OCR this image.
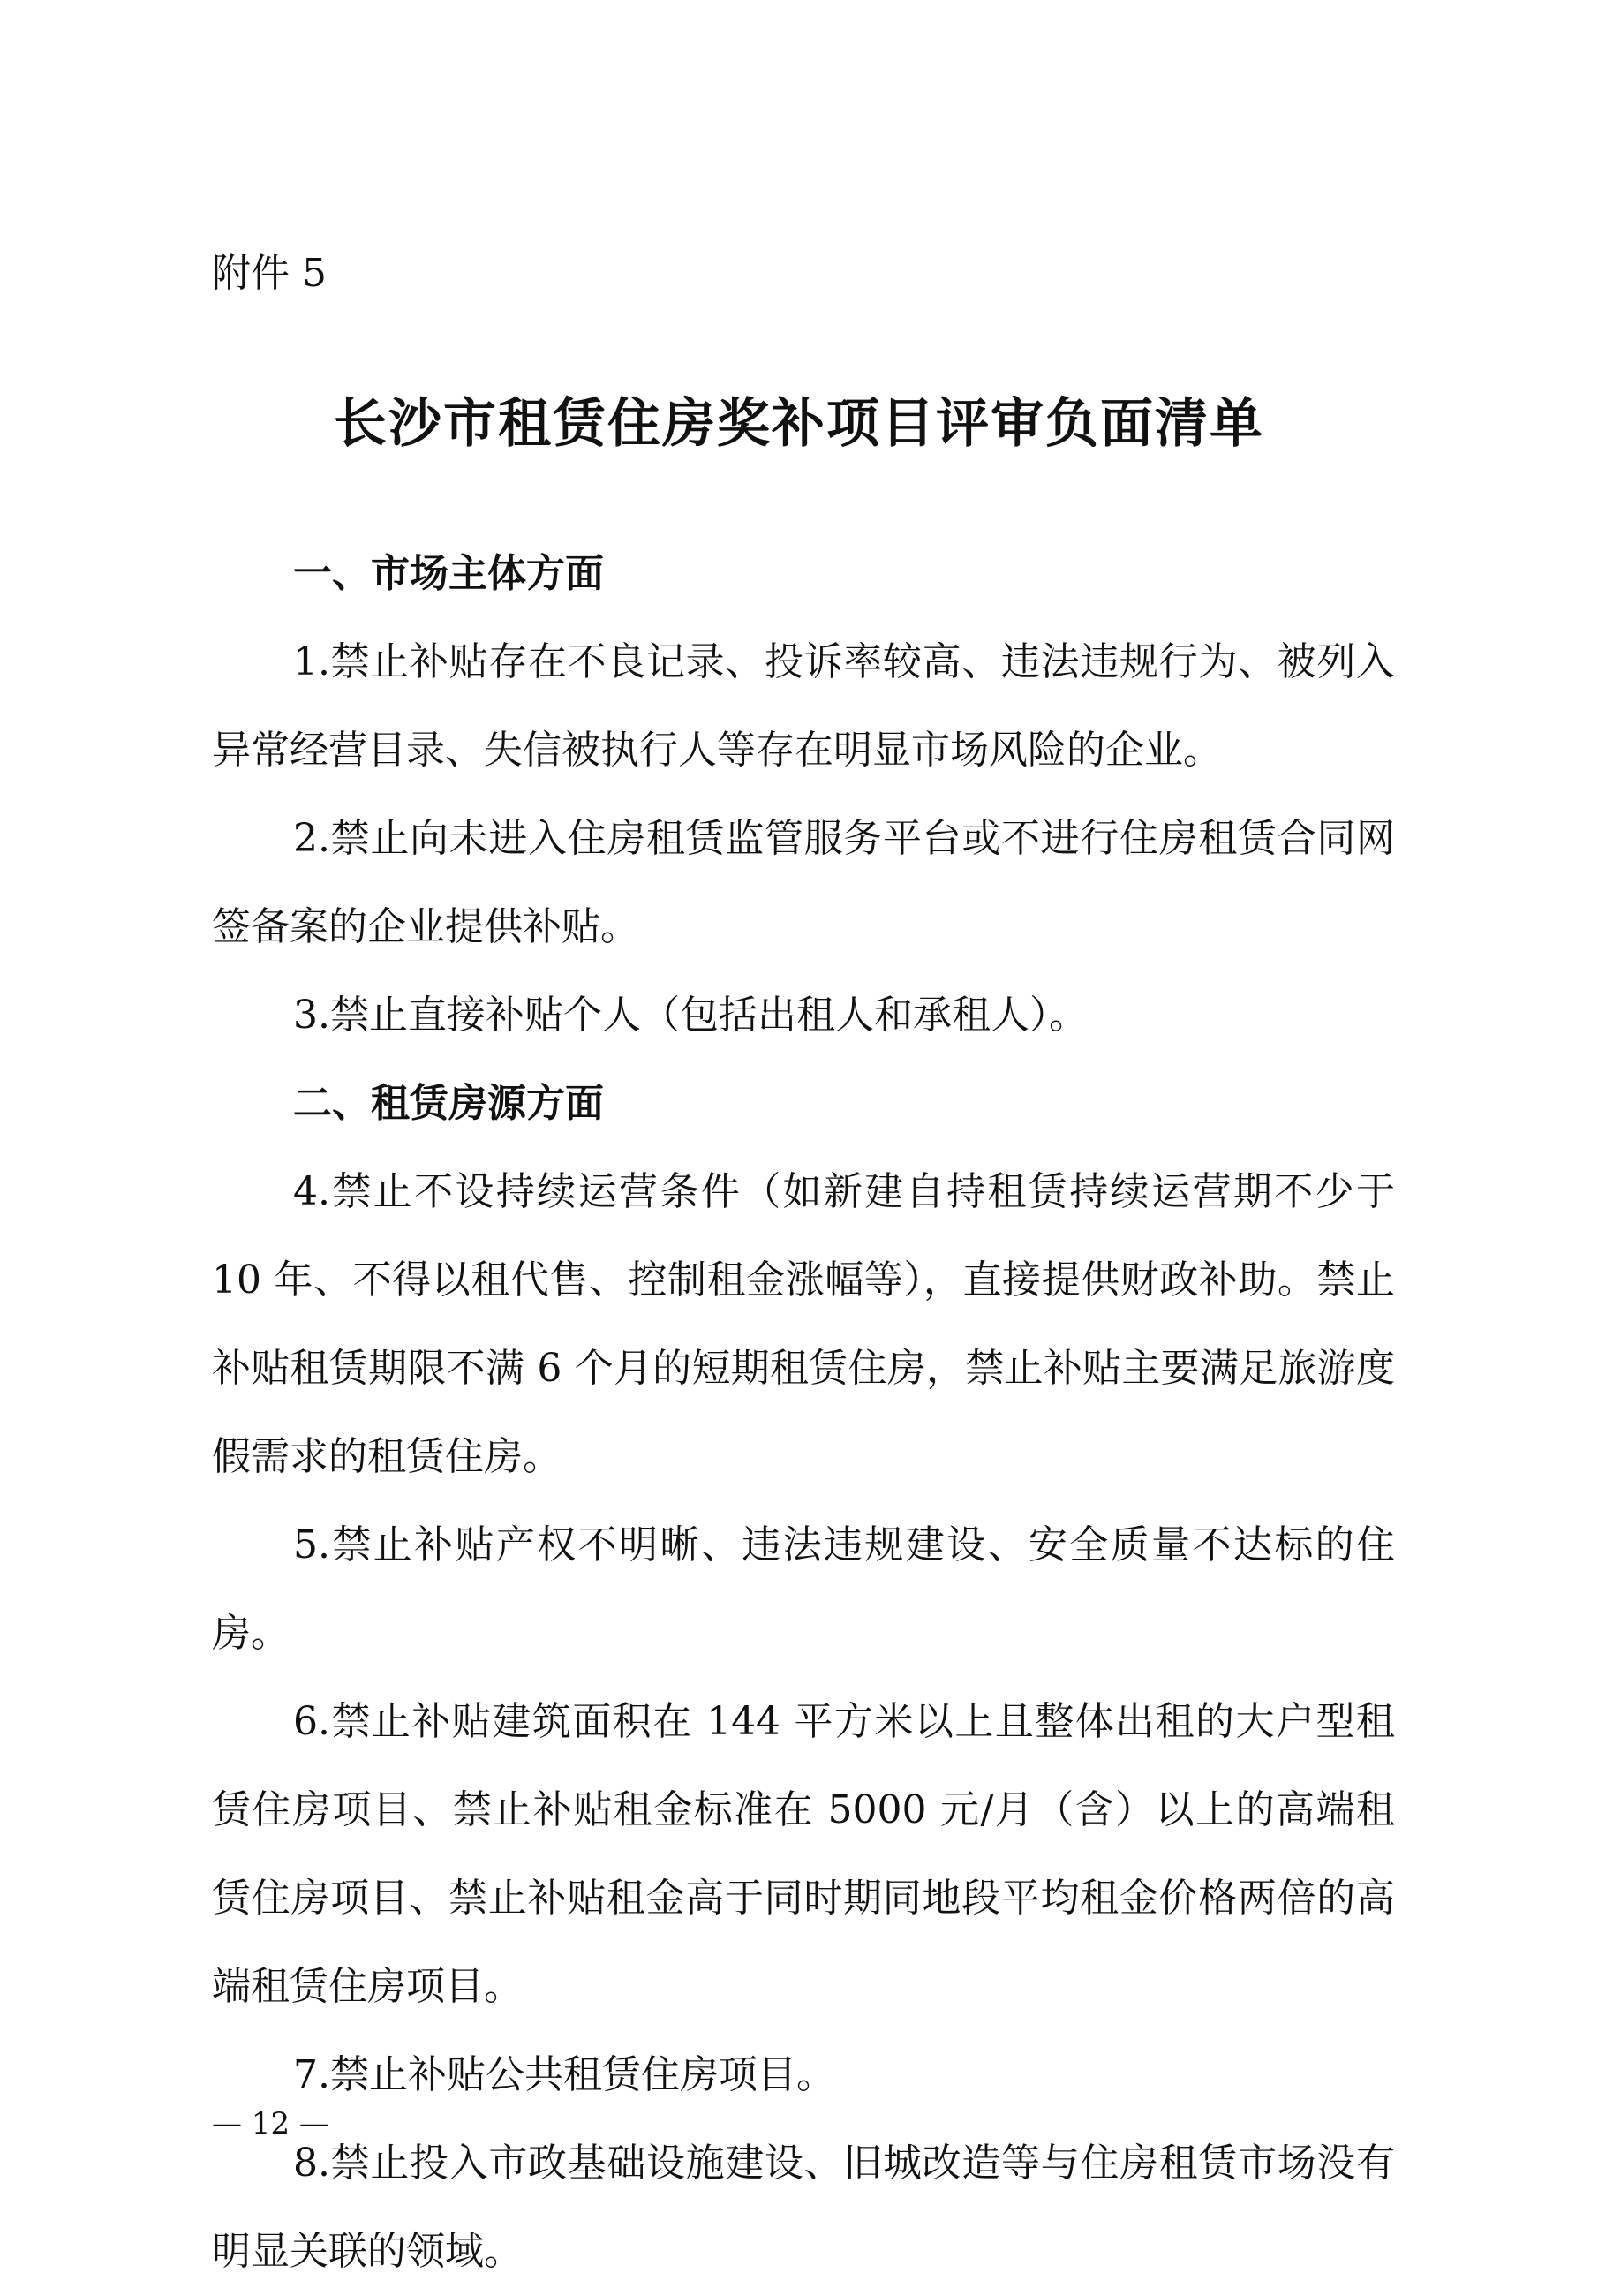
附件 5

长沙市租赁住房奖补项目评审负面清单

一、市场主体方面

1.禁止补贴存在不良记录、投诉率较高、违法违规行为、被列入异常经营目录、失信被执行人等存在明显市场风险的企业。

2.禁止向未进入住房租赁监管服务平台或不进行住房租赁合同网签备案的企业提供补贴。

3.禁止直接补贴个人（包括出租人和承租人）。

二、租赁房源方面

4.禁止不设持续运营条件（如新建自持租赁持续运营期不少于 10 年、不得以租代售、控制租金涨幅等），直接提供财政补助。禁止补贴租赁期限不满 6 个月的短期租赁住房，禁止补贴主要满足旅游度假需求的租赁住房。

5.禁止补贴产权不明晰、违法违规建设、安全质量不达标的住房。

6.禁止补贴建筑面积在 144 平方米以上且整体出租的大户型租赁住房项目、禁止补贴租金标准在 5000 元/月（含）以上的高端租赁住房项目、禁止补贴租金高于同时期同地段平均租金价格两倍的高端租赁住房项目。

7.禁止补贴公共租赁住房项目。

8.禁止投入市政基础设施建设、旧城改造等与住房租赁市场没有明显关联的领域。

— 12 —
